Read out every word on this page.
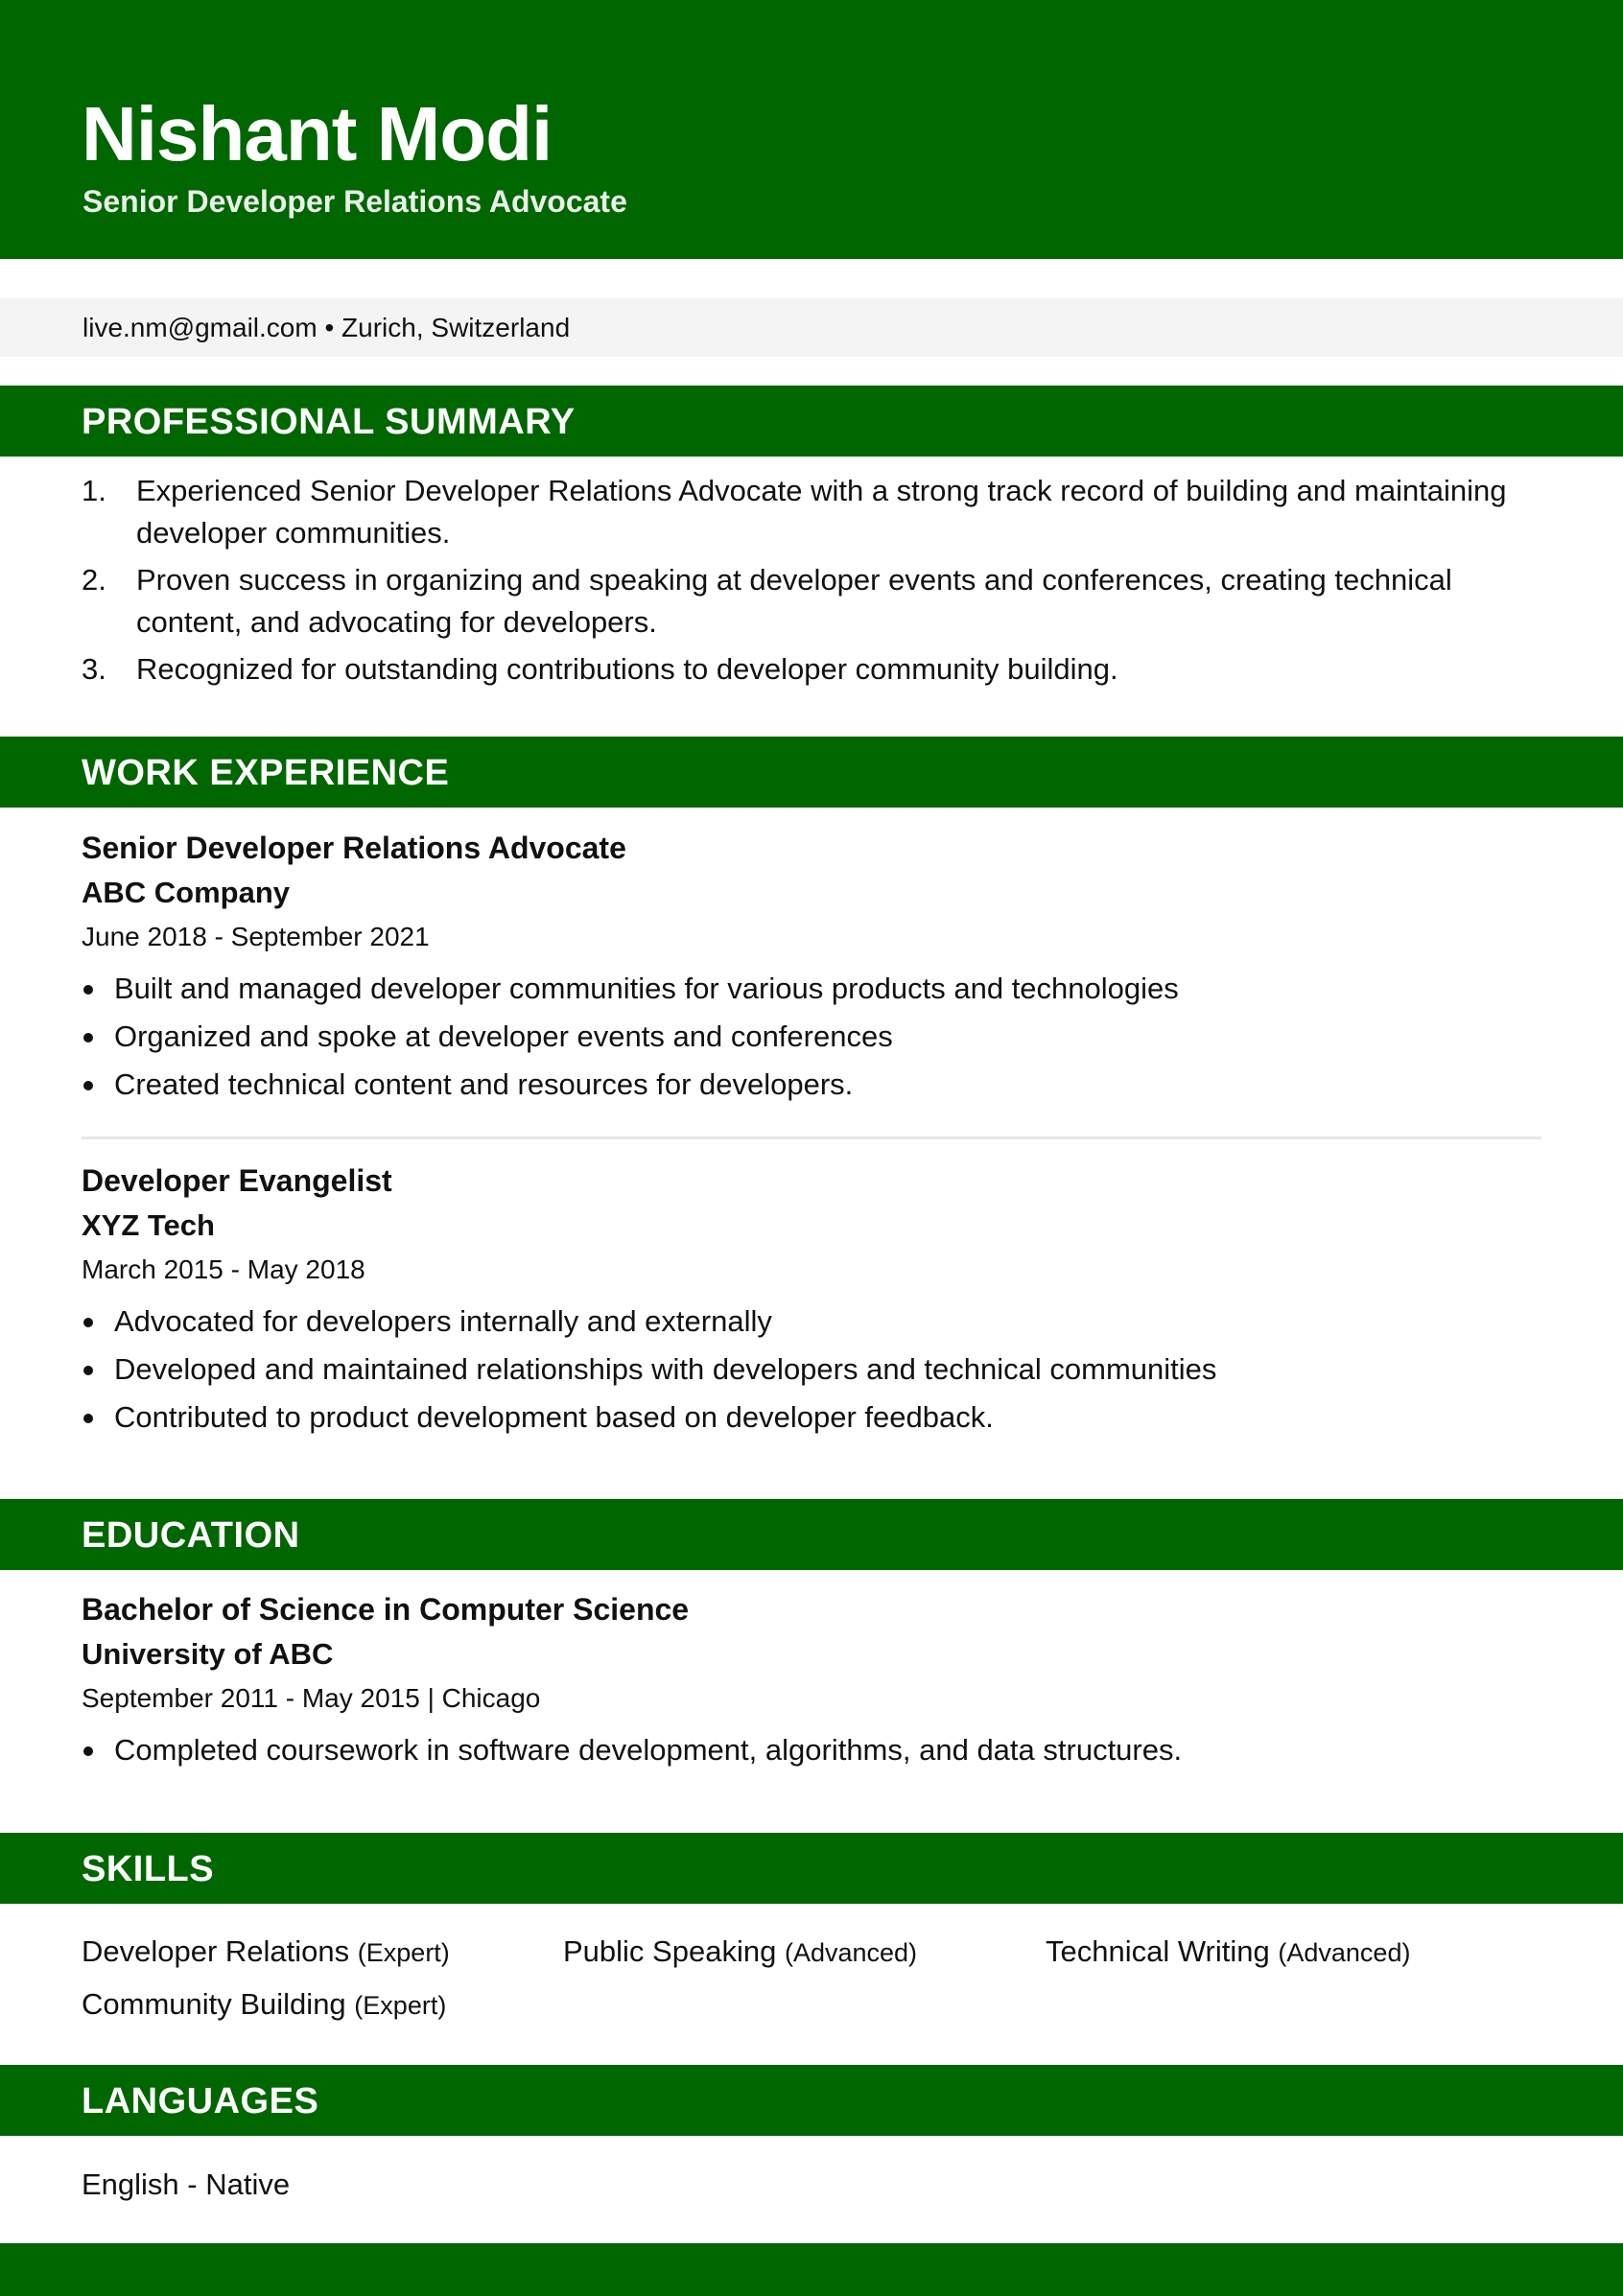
Nishant Modi
Senior Developer Relations Advocate
live.nm@gmail.com • Zurich, Switzerland
PROFESSIONAL SUMMARY
1. Experienced Senior Developer Relations Advocate with a strong track record of building and maintaining developer communities.
2. Proven success in organizing and speaking at developer events and conferences, creating technical content, and advocating for developers.
3. Recognized for outstanding contributions to developer community building.
WORK EXPERIENCE
Senior Developer Relations Advocate
ABC Company
June 2018 - September 2021
Built and managed developer communities for various products and technologies
Organized and spoke at developer events and conferences
Created technical content and resources for developers.
Developer Evangelist
XYZ Tech
March 2015 - May 2018
Advocated for developers internally and externally
Developed and maintained relationships with developers and technical communities
Contributed to product development based on developer feedback.
EDUCATION
Bachelor of Science in Computer Science
University of ABC
September 2011 - May 2015 | Chicago
Completed coursework in software development, algorithms, and data structures.
SKILLS
Developer Relations (Expert)	Public Speaking (Advanced)	Technical Writing (Advanced)
Community Building (Expert)
LANGUAGES
English - Native
